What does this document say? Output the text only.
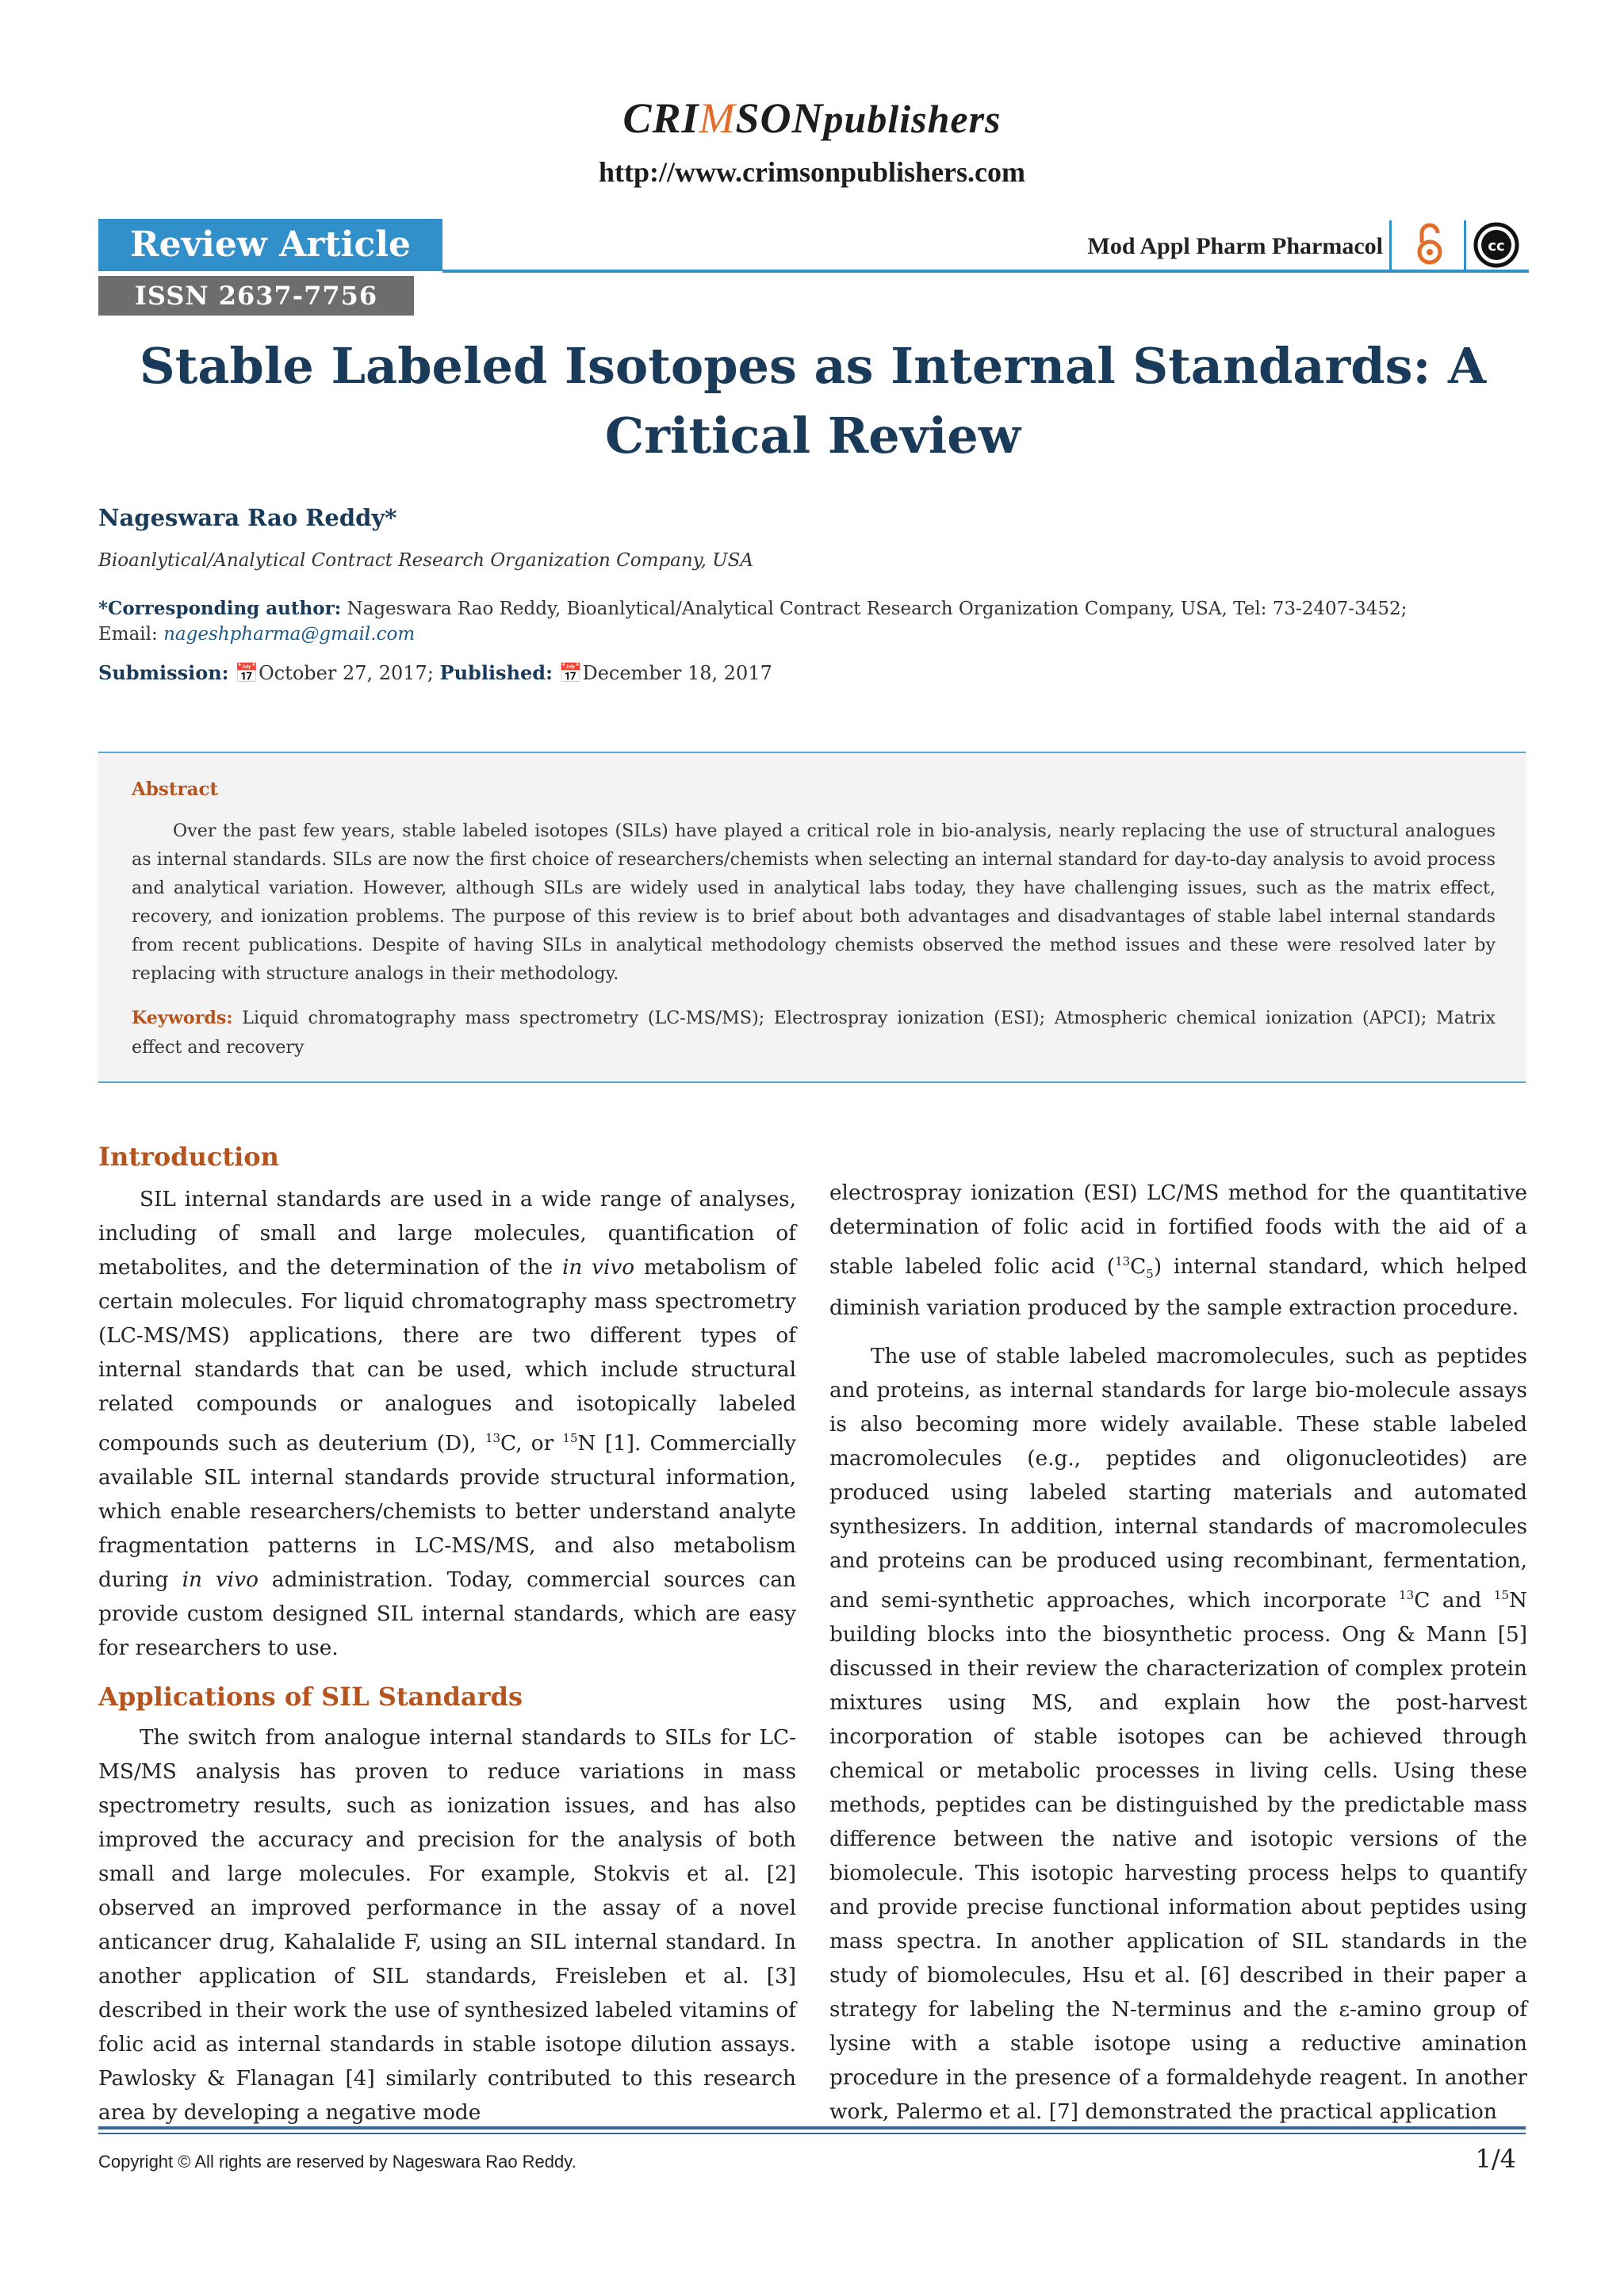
CRIMSONpublishers
http://www.crimsonpublishers.com
Review Article
ISSN 2637-7756
Mod Appl Pharm Pharmacol	cc
Stable Labeled Isotopes as Internal Standards: A
Critical Review
Nageswara Rao Reddy*
Bioanlytical/Analytical Contract Research Organization Company, USA
*Corresponding author: Nageswara Rao Reddy, Bioanlytical/Analytical Contract Research Organization Company, USA, Tel: 73-2407-3452;
Email: nageshpharma@gmail.com
Submission: 📅October 27, 2017; Published: 📅December 18, 2017
Abstract
Over the past few years, stable labeled isotopes (SILs) have played a critical role in bio-analysis, nearly replacing the use of structural analogues as internal standards. SILs are now the first choice of researchers/chemists when selecting an internal standard for day-to-day analysis to avoid process and analytical variation. However, although SILs are widely used in analytical labs today, they have challenging issues, such as the matrix effect, recovery, and ionization problems. The purpose of this review is to brief about both advantages and disadvantages of stable label internal standards from recent publications. Despite of having SILs in analytical methodology chemists observed the method issues and these were resolved later by replacing with structure analogs in their methodology.
Keywords: Liquid chromatography mass spectrometry (LC-MS/MS); Electrospray ionization (ESI); Atmospheric chemical ionization (APCI); Matrix effect and recovery
Introduction

SIL internal standards are used in a wide range of analyses, including of small and large molecules, quantification of metabolites, and the determination of the in vivo metabolism of certain molecules. For liquid chromatography mass spectrometry (LC-MS/MS) applications, there are two different types of internal standards that can be used, which include structural related compounds or analogues and isotopically labeled compounds such as deuterium (D), $^{13}$C, or $^{15}$N [1]. Commercially available SIL internal standards provide structural information, which enable researchers/chemists to better understand analyte fragmentation patterns in LC-MS/MS, and also metabolism during in vivo administration. Today, commercial sources can provide custom designed SIL internal standards, which are easy for researchers to use.

Applications of SIL Standards

The switch from analogue internal standards to SILs for LC-MS/MS analysis has proven to reduce variations in mass spectrometry results, such as ionization issues, and has also improved the accuracy and precision for the analysis of both small and large molecules. For example, Stokvis et al. [2] observed an improved performance in the assay of a novel anticancer drug, Kahalalide F, using an SIL internal standard. In another application of SIL standards, Freisleben et al. [3] described in their work the use of synthesized labeled vitamins of folic acid as internal standards in stable isotope dilution assays. Pawlosky & Flanagan [4] similarly contributed to this research area by developing a negative mode

electrospray ionization (ESI) LC/MS method for the quantitative determination of folic acid in fortified foods with the aid of a stable labeled folic acid $(^{13}C_5)$ internal standard, which helped diminish variation produced by the sample extraction procedure.

The use of stable labeled macromolecules, such as peptides and proteins, as internal standards for large bio-molecule assays is also becoming more widely available. These stable labeled macromolecules (e.g., peptides and oligonucleotides) are produced using labeled starting materials and automated synthesizers. In addition, internal standards of macromolecules and proteins can be produced using recombinant, fermentation, and semi-synthetic approaches, which incorporate $^{13}$C and $^{15}$N building blocks into the biosynthetic process. Ong & Mann [5] discussed in their review the characterization of complex protein mixtures using MS, and explain how the post-harvest incorporation of stable isotopes can be achieved through chemical or metabolic processes in living cells. Using these methods, peptides can be distinguished by the predictable mass difference between the native and isotopic versions of the biomolecule. This isotopic harvesting process helps to quantify and provide precise functional information about peptides using mass spectra. In another application of SIL standards in the study of biomolecules, Hsu et al. [6] described in their paper a strategy for labeling the N-terminus and the ε-amino group of lysine with a stable isotope using a reductive amination procedure in the presence of a formaldehyde reagent. In another work, Palermo et al. [7] demonstrated the practical application

Copyright © All rights are reserved by Nageswara Rao Reddy.	1/4
